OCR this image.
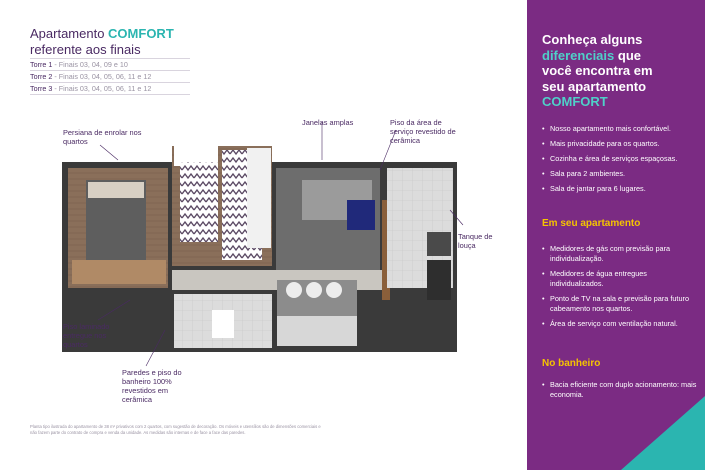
Apartamento COMFORT
referente aos finais
Torre 1 - Finais 03, 04, 09 e 10
Torre 2 - Finais 03, 04, 05, 06, 11 e 12
Torre 3 - Finais 03, 04, 05, 06, 11 e 12
Persiana de enrolar nos quartos
Janelas amplas	Piso da área de serviço revestido de cerâmica
Tanque de louça
Piso laminado entregue nos quartos
Paredes e piso do banheiro 100% revestidos em cerâmica
Planta tipo ilustrada do apartamento de 38 m² privativos com 2 quartos, com sugestão de decoração. Os móveis e utensílios são de dimensões comerciais e não fazem parte do contrato de compra e venda da unidade. As medidas são internas e de face a face das paredes.
Conheça alguns
diferenciais que
você encontra em
seu apartamento
COMFORT
• Nosso apartamento mais confortável.
• Mais privacidade para os quartos.
• Cozinha e área de serviços espaçosas.
• Sala para 2 ambientes.
• Sala de jantar para 6 lugares.
Em seu apartamento
• Medidores de gás com previsão para individualização.
• Medidores de água entregues individualizados.
• Ponto de TV na sala e previsão para futuro cabeamento nos quartos.
• Área de serviço com ventilação natural.
No banheiro
• Bacia eficiente com duplo acionamento: mais economia.
